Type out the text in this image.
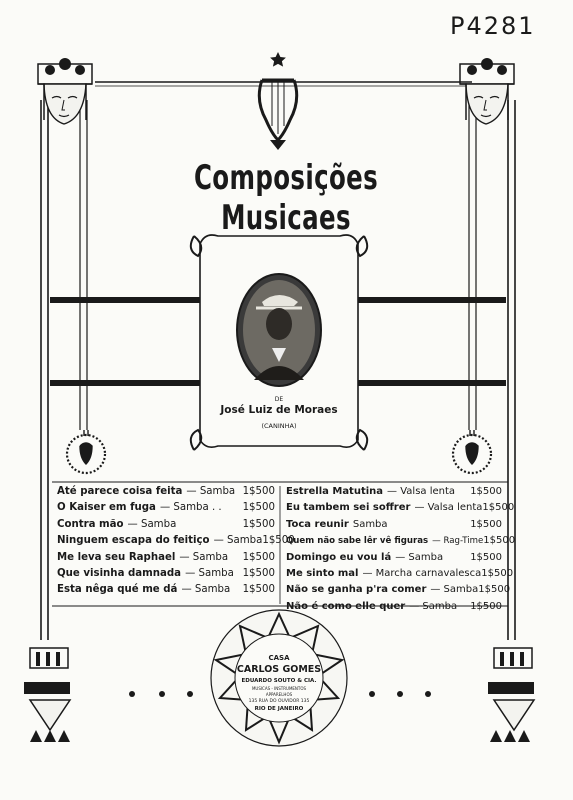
P4281
Composições Musicaes
DE
José Luiz de Moraes
(CANINHA)
Até parece coisa feita — Samba 1$500
O Kaiser em fuga — Samba . . 1$500
Contra mão — Samba	1$500
Ninguem escapa do feitiço — Samba 1$500
Me leva seu Raphael — Samba 1$500
Que visinha damnada — Samba 1$500
Esta nêga qué me dá — Samba 1$500
Estrella Matutina — Valsa lenta 1$500
Eu tambem sei soffrer — Valsa lenta 1$500
Toca reunir Samba	1$500
Quem não sabe lêr vê figuras — Rag-Time 1$500
Domingo eu vou lá — Samba	1$500
Me sinto mal — Marcha carnavalesca 1$500
Não se ganha p'ra comer — Samba 1$500
Não é como elle quer — Samba 1$500
CASA
CARLOS GOMES
EDUARDO SOUTO & CIA.
MUSICAS - INSTRUMENTOS
APPARELHOS
135 RUA DO OUVIDOR 135
RIO DE JANEIRO
